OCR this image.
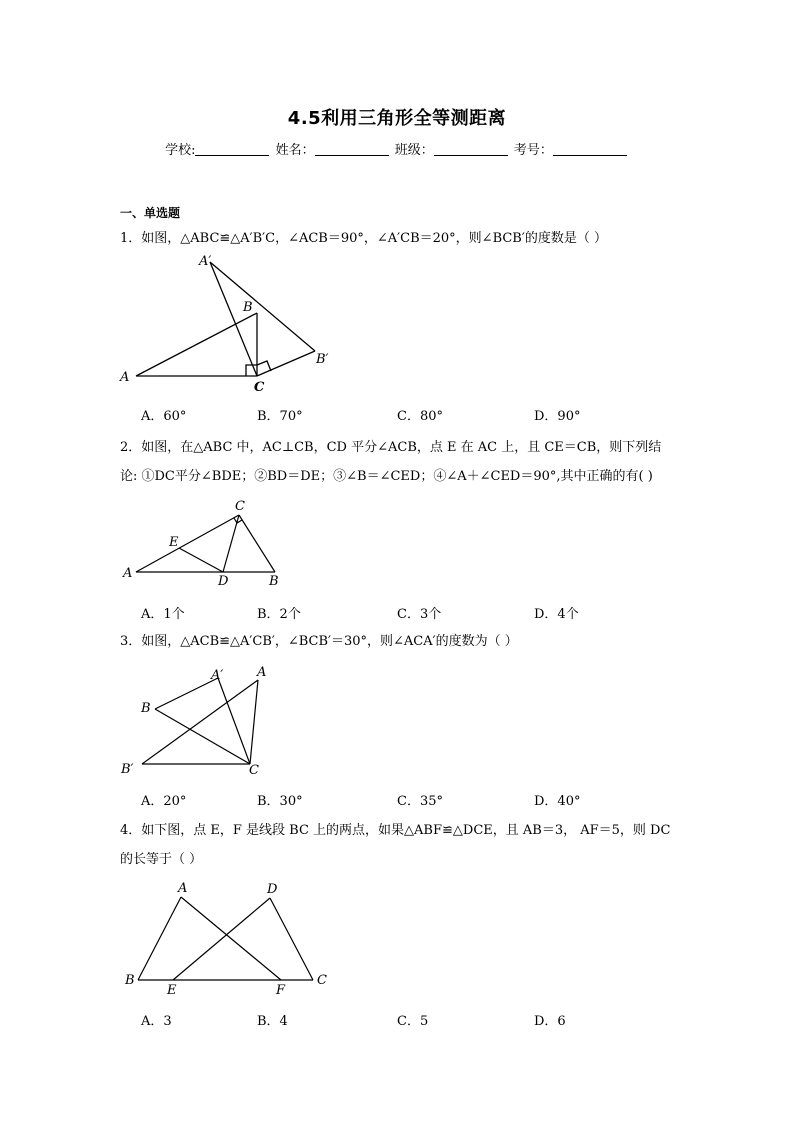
4.5利用三角形全等测距离
学校:	姓名：	班级：	考号：
一、单选题
1．如图，△ABC≌△A′B′C，∠ACB＝90°，∠A′CB＝20°，则∠BCB′的度数是（ ）
A
B
C
A′
B′
A．60°	B．70°	C．80°	D．90°
2．如图，在△ABC 中，AC⊥CB，CD 平分∠ACB，点 E 在 AC 上，且 CE＝CB，则下列结
论: ①DC平分∠BDE；②BD＝DE；③∠B＝∠CED；④∠A＋∠CED＝90°,其中正确的有( )
A
C
E
D	B
A．1个	B．2个	C．3个	D．4个
3．如图，△ACB≌△A′CB′，∠BCB′＝30°，则∠ACA′的度数为（ ）
B
A′	A
B′	C
A．20°	B．30°	C．35°	D．40°
4．如下图，点 E，F 是线段 BC 上的两点，如果△ABF≌△DCE，且 AB＝3， AF＝5，则 DC
的长等于（ ）
A	D
B
E	F
C
A．3	B．4	C．5	D．6
